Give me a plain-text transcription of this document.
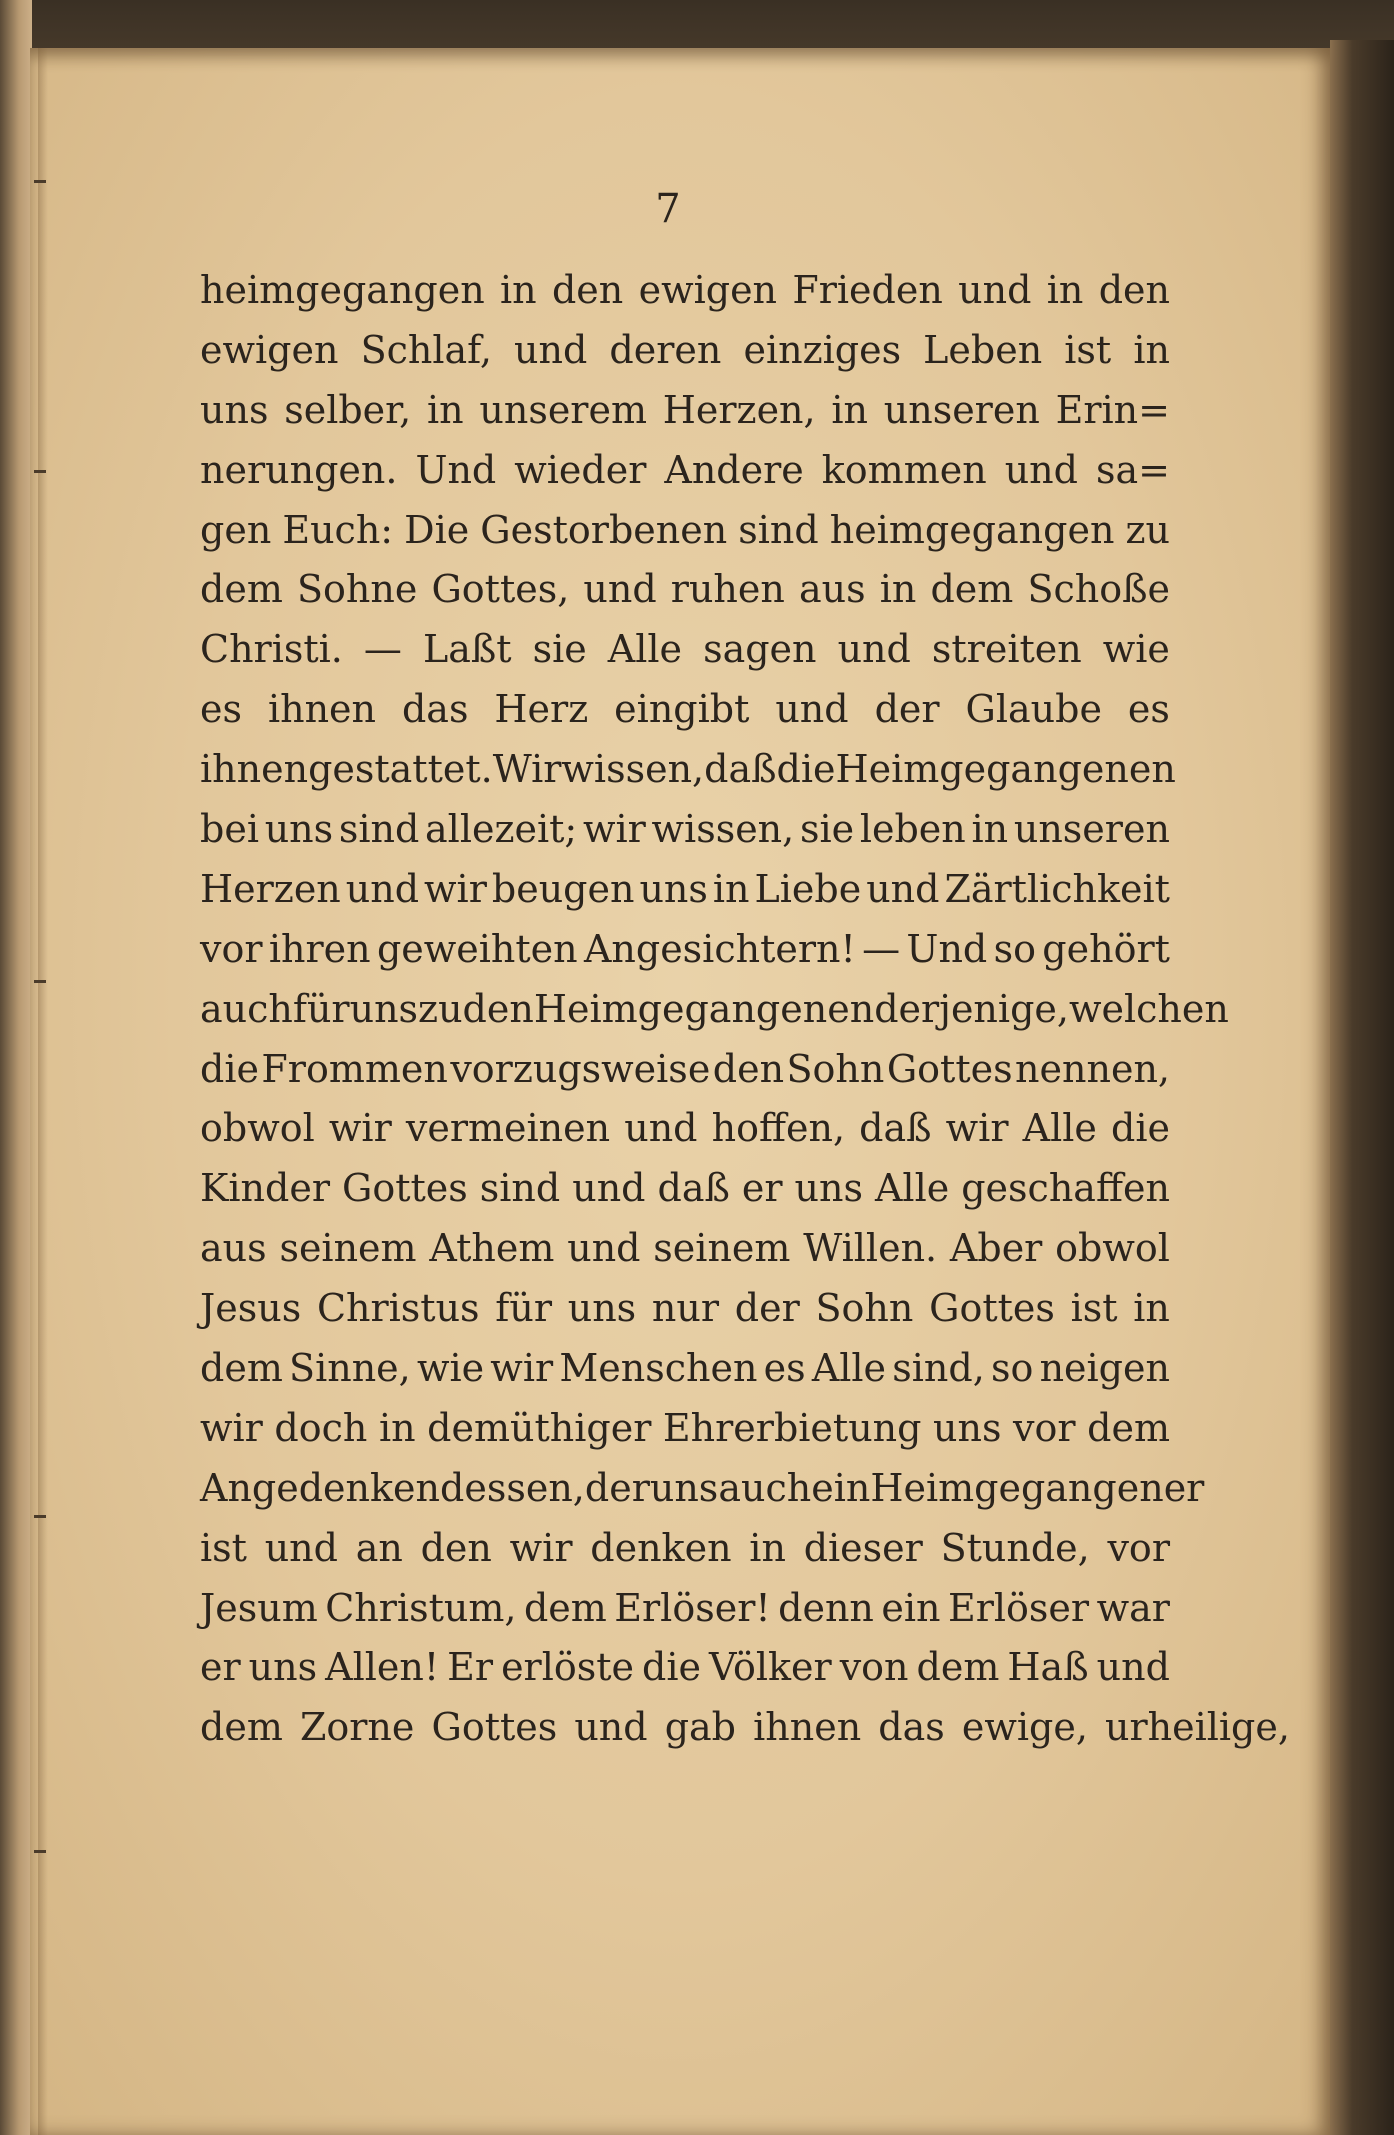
7
heimgegangen in den ewigen Frieden und in den
ewigen Schlaf, und deren einziges Leben ist in
uns selber, in unserem Herzen, in unseren Erin=
nerungen. Und wieder Andere kommen und sa=
gen Euch: Die Gestorbenen sind heimgegangen zu
dem Sohne Gottes, und ruhen aus in dem Schoße
Christi. — Laßt sie Alle sagen und streiten wie
es ihnen das Herz eingibt und der Glaube es
ihnen gestattet. Wir wissen, daß die Heimgegangenen
bei uns sind allezeit; wir wissen, sie leben in unseren
Herzen und wir beugen uns in Liebe und Zärtlichkeit
vor ihren geweihten Angesichtern! — Und so gehört
auch für uns zu den Heimgegangenen derjenige, welchen
die Frommen vorzugsweise den Sohn Gottes nennen,
obwol wir vermeinen und hoffen, daß wir Alle die
Kinder Gottes sind und daß er uns Alle geschaffen
aus seinem Athem und seinem Willen. Aber obwol
Jesus Christus für uns nur der Sohn Gottes ist in
dem Sinne, wie wir Menschen es Alle sind, so neigen
wir doch in demüthiger Ehrerbietung uns vor dem
Angedenken dessen, der uns auch ein Heimgegangener
ist und an den wir denken in dieser Stunde, vor
Jesum Christum, dem Erlöser! denn ein Erlöser war
er uns Allen! Er erlöste die Völker von dem Haß und
dem Zorne Gottes und gab ihnen das ewige, urheilige,
